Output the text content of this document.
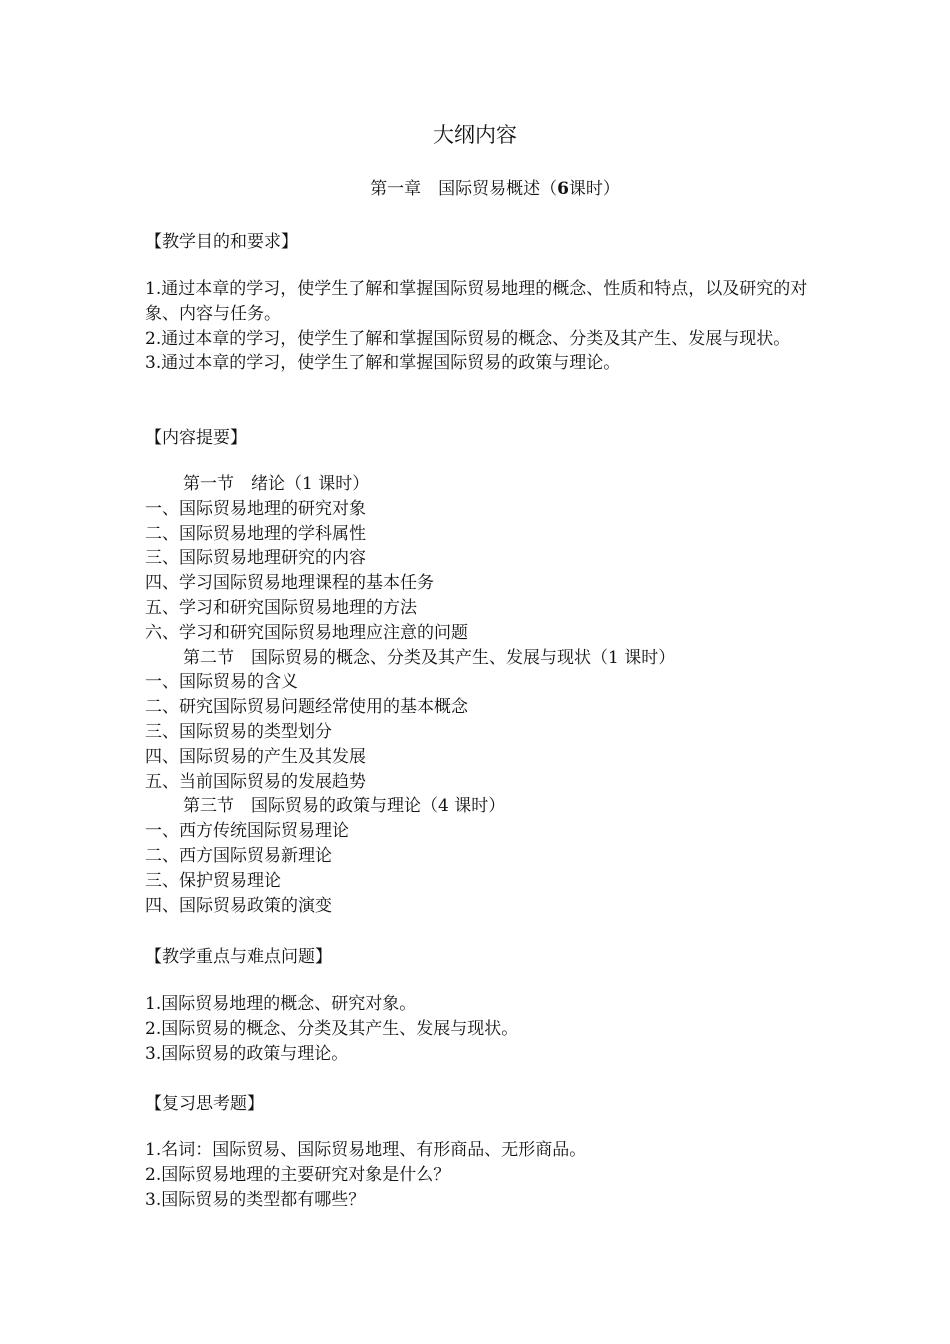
大纲内容
第一章　 国际贸易概述（6课时）
【教学目的和要求】
1.通过本章的学习，使学生了解和掌握国际贸易地理的概念、性质和特点，以及研究的对象、内容与任务。
2.通过本章的学习，使学生了解和掌握国际贸易的概念、分类及其产生、发展与现状。
3.通过本章的学习，使学生了解和掌握国际贸易的政策与理论。
【内容提要】
第一节　绪论（1 课时）
一、国际贸易地理的研究对象
二、国际贸易地理的学科属性
三、国际贸易地理研究的内容
四、学习国际贸易地理课程的基本任务
五、学习和研究国际贸易地理的方法
六、学习和研究国际贸易地理应注意的问题
第二节　国际贸易的概念、分类及其产生、发展与现状（1 课时）
一、国际贸易的含义
二、研究国际贸易问题经常使用的基本概念
三、国际贸易的类型划分
四、国际贸易的产生及其发展
五、当前国际贸易的发展趋势
第三节　国际贸易的政策与理论（4 课时）
一、西方传统国际贸易理论
二、西方国际贸易新理论
三、保护贸易理论
四、国际贸易政策的演变
【教学重点与难点问题】
1.国际贸易地理的概念、研究对象。
2.国际贸易的概念、分类及其产生、发展与现状。
3.国际贸易的政策与理论。
【复习思考题】
1.名词：国际贸易、国际贸易地理、有形商品、无形商品。
2.国际贸易地理的主要研究对象是什么？
3.国际贸易的类型都有哪些？
